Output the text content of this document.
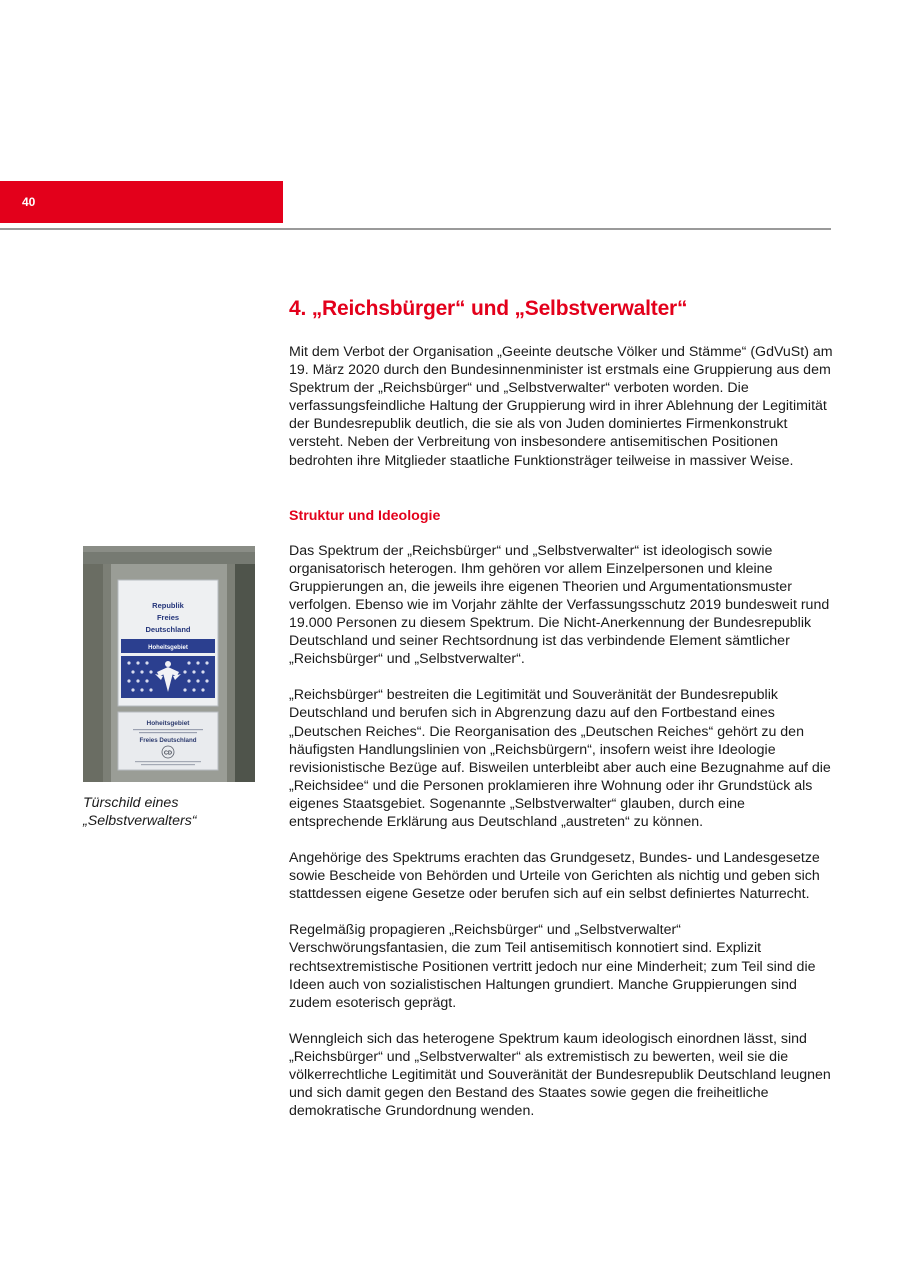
40
Republik
Freies
Deutschland
Hoheitsgebiet
Hoheitsgebiet
Freies Deutschland
CD
Türschild eines „Selbstverwalters“
4. „Reichsbürger“ und „Selbstverwalter“

Mit dem Verbot der Organisation „Geeinte deutsche Völker und Stämme“ (GdVuSt) am 19. März 2020 durch den Bundesinnenminister ist erstmals eine Gruppierung aus dem Spektrum der „Reichsbürger“ und „Selbstverwalter“ verboten worden. Die verfassungsfeindliche Haltung der Gruppierung wird in ihrer Ablehnung der Legitimität der Bundesrepublik deutlich, die sie als von Juden dominiertes Firmenkonstrukt versteht. Neben der Verbreitung von insbesondere antisemitischen Positionen bedrohten ihre Mitglieder staatliche Funktionsträger teilweise in massiver Weise.

Struktur und Ideologie

Das Spektrum der „Reichsbürger“ und „Selbstverwalter“ ist ideologisch sowie organisatorisch heterogen. Ihm gehören vor allem Einzelpersonen und kleine Gruppierungen an, die jeweils ihre eigenen Theorien und Argumentationsmuster verfolgen. Ebenso wie im Vorjahr zählte der Verfassungsschutz 2019 bundesweit rund 19.000 Personen zu diesem Spektrum. Die Nicht-Anerkennung der Bundesrepublik Deutschland und seiner Rechtsordnung ist das verbindende Element sämtlicher „Reichsbürger“ und „Selbstverwalter“.

„Reichsbürger“ bestreiten die Legitimität und Souveränität der Bundesrepublik Deutschland und berufen sich in Abgrenzung dazu auf den Fortbestand eines „Deutschen Reiches“. Die Reorganisation des „Deutschen Reiches“ gehört zu den häufigsten Handlungslinien von „Reichsbürgern“, insofern weist ihre Ideologie revisionistische Bezüge auf. Bisweilen unterbleibt aber auch eine Bezugnahme auf die „Reichsidee“ und die Personen proklamieren ihre Wohnung oder ihr Grundstück als eigenes Staatsgebiet. Sogenannte „Selbstverwalter“ glauben, durch eine entsprechende Erklärung aus Deutschland „austreten“ zu können.

Angehörige des Spektrums erachten das Grundgesetz, Bundes- und Landesgesetze sowie Bescheide von Behörden und Urteile von Gerichten als nichtig und geben sich stattdessen eigene Gesetze oder berufen sich auf ein selbst definiertes Naturrecht.

Regelmäßig propagieren „Reichsbürger“ und „Selbstverwalter“ Verschwörungsfantasien, die zum Teil antisemitisch konnotiert sind. Explizit rechtsextremistische Positionen vertritt jedoch nur eine Minderheit; zum Teil sind die Ideen auch von sozialistischen Haltungen grundiert. Manche Gruppierungen sind zudem esoterisch geprägt.

Wenngleich sich das heterogene Spektrum kaum ideologisch einordnen lässt, sind „Reichsbürger“ und „Selbstverwalter“ als extremistisch zu bewerten, weil sie die völkerrechtliche Legitimität und Souveränität der Bundesrepublik Deutschland leugnen und sich damit gegen den Bestand des Staates sowie gegen die freiheitliche demokratische Grundordnung wenden.
